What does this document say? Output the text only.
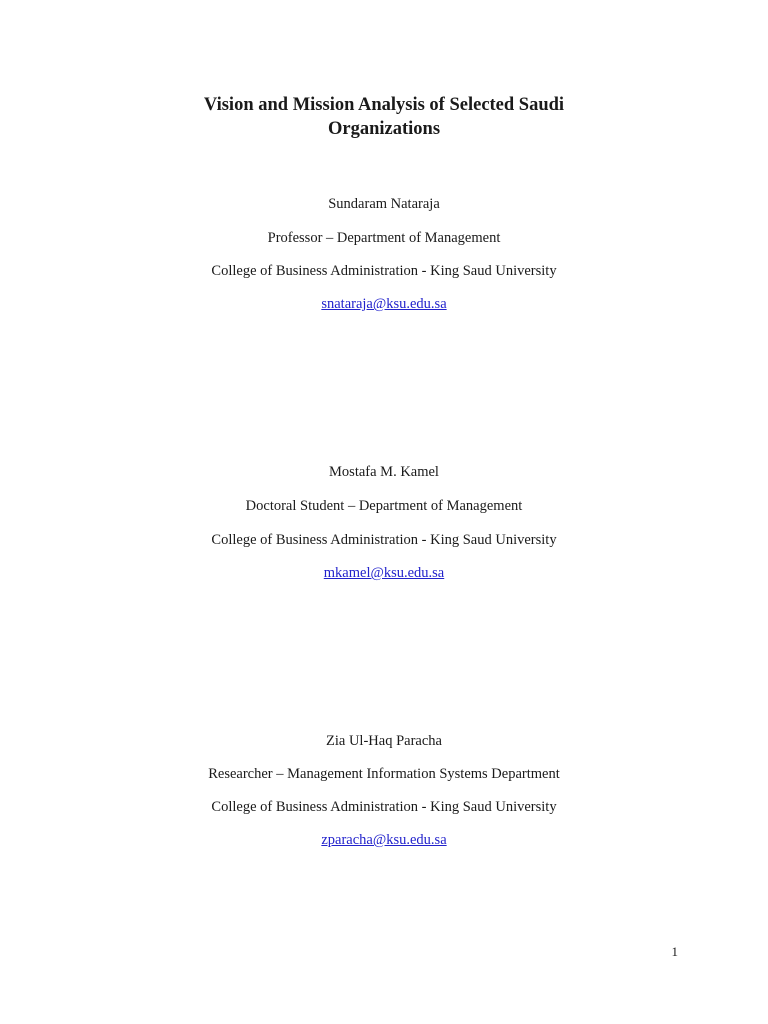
Vision and Mission Analysis of Selected Saudi
Organizations
Sundaram Nataraja
Professor – Department of Management
College of Business Administration - King Saud University
snataraja@ksu.edu.sa
Mostafa M. Kamel
Doctoral Student – Department of Management
College of Business Administration - King Saud University
mkamel@ksu.edu.sa
Zia Ul-Haq Paracha
Researcher – Management Information Systems Department
College of Business Administration - King Saud University
zparacha@ksu.edu.sa
1
